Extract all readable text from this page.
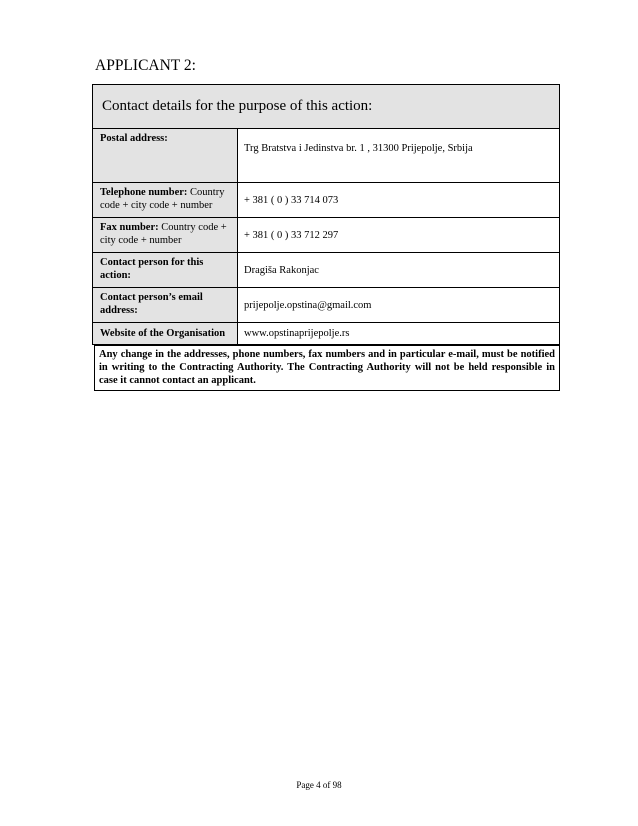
APPLICANT 2:
Contact details for the purpose of this action:	
Postal address:	Trg Bratstva i Jedinstva br. 1 , 31300 Prijepolje, Srbija
Telephone number: Country code + city code + number	+ 381 ( 0 ) 33 714 073
Fax number: Country code + city code + number	+ 381 ( 0 ) 33 712 297
Contact person for this action:	Dragiša Rakonjac
Contact person’s email address:	prijepolje.opstina@gmail.com
Website of the Organisation	www.opstinaprijepolje.rs
Any change in the addresses, phone numbers, fax numbers and in particular e-mail, must be notified in writing to the Contracting Authority. The Contracting Authority will not be held responsible in case it cannot contact an applicant.
Page 4 of 98
